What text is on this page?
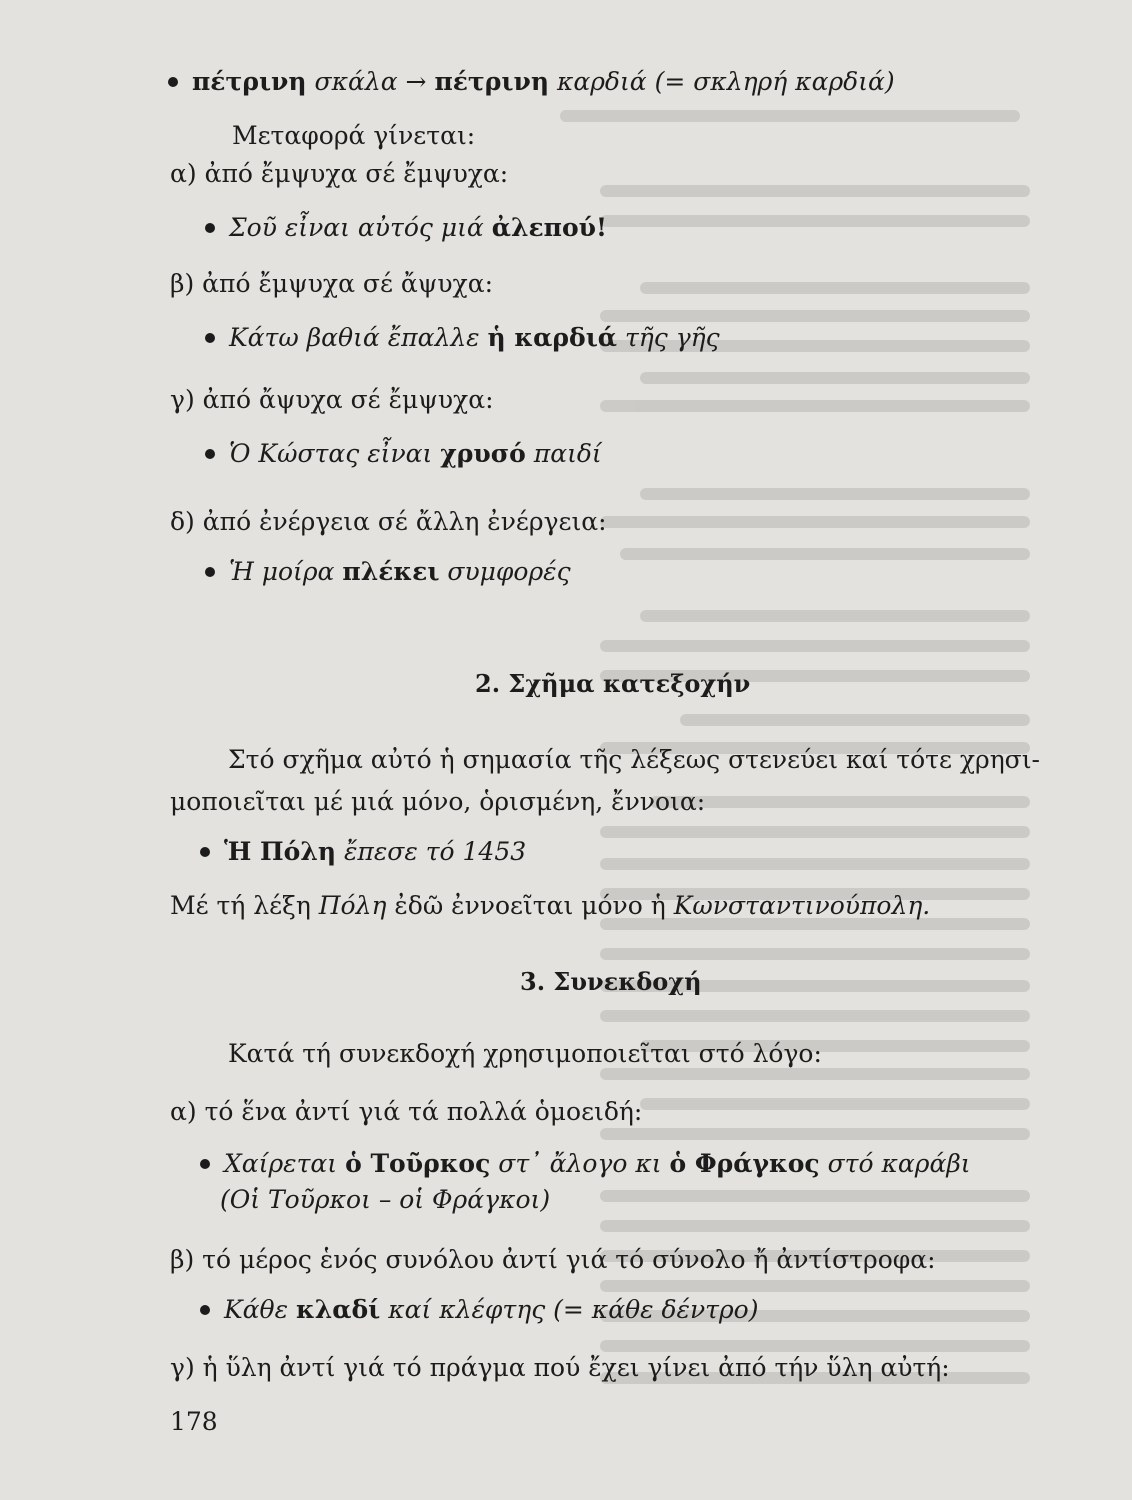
πέτρινη σκάλα → πέτρινη καρδιά (= σκληρή καρδιά)
Μεταφορά γίνεται:
α) ἀπό ἔμψυχα σέ ἔμψυχα:
Σοῦ εἶναι αὐτός μιά ἀλεπού!
β) ἀπό ἔμψυχα σέ ἄψυχα:
Κάτω βαθιά ἔπαλλε ἡ καρδιά τῆς γῆς
γ) ἀπό ἄψυχα σέ ἔμψυχα:
Ὁ Κώστας εἶναι χρυσό παιδί
δ) ἀπό ἐνέργεια σέ ἄλλη ἐνέργεια:
Ἡ μοίρα πλέκει συμφορές
2. Σχῆμα κατεξοχήν
Στό σχῆμα αὐτό ἡ σημασία τῆς λέξεως στενεύει καί τότε χρησι-
μοποιεῖται μέ μιά μόνο, ὁρισμένη, ἔννοια:
Ἡ Πόλη ἔπεσε τό 1453
Μέ τή λέξη Πόλη ἐδῶ ἐννοεῖται μόνο ἡ Κωνσταντινούπολη.
3. Συνεκδοχή
Κατά τή συνεκδοχή χρησιμοποιεῖται στό λόγο:
α) τό ἕνα ἀντί γιά τά πολλά ὁμοειδή:
Χαίρεται ὁ Τοῦρκος στ᾽ ἄλογο κι ὁ Φράγκος στό καράβι
(Οἱ Τοῦρκοι – οἱ Φράγκοι)
β) τό μέρος ἑνός συνόλου ἀντί γιά τό σύνολο ἤ ἀντίστροφα:
Κάθε κλαδί καί κλέφτης (= κάθε δέντρο)
γ) ἡ ὕλη ἀντί γιά τό πράγμα πού ἔχει γίνει ἀπό τήν ὕλη αὐτή:
178
